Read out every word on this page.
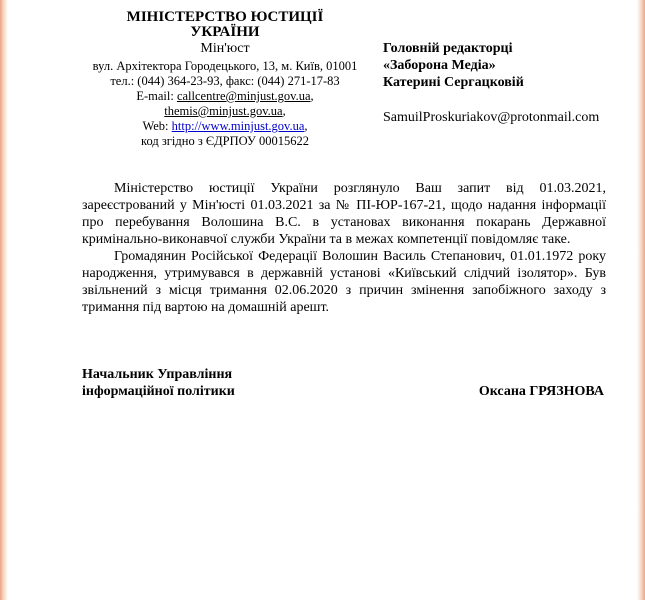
МІНІСТЕРСТВО ЮСТИЦІЇ
УКРАЇНИ
Мін'юст
вул. Архітектора Городецького, 13, м. Київ, 01001
тел.: (044) 364-23-93, факс: (044) 271-17-83
E-mail: callcentre@minjust.gov.ua,
themis@minjust.gov.ua,
Web: http://www.minjust.gov.ua,
код згідно з ЄДРПОУ 00015622
Головній редакторці
«Заборона Медіа»
Катерині Сергацковій
SamuilProskuriakov@protonmail.com

Міністерство юстиції України розглянуло Ваш запит від 01.03.2021, зареєстрований у Мін'юсті 01.03.2021 за № ПІ-ЮР-167-21, щодо надання інформації про перебування Волошина В.С. в установах виконання покарань Державної кримінально-виконавчої служби України та в межах компетенції повідомляє таке.

Громадянин Російської Федерації Волошин Василь Степанович, 01.01.1972 року народження, утримувався в державній установі «Київський слідчий ізолятор». Був звільнений з місця тримання 02.06.2020 з причин змінення запобіжного заходу з тримання під вартою на домашній арешт.

Начальник Управління
інформаційної політики	Оксана ГРЯЗНОВА
